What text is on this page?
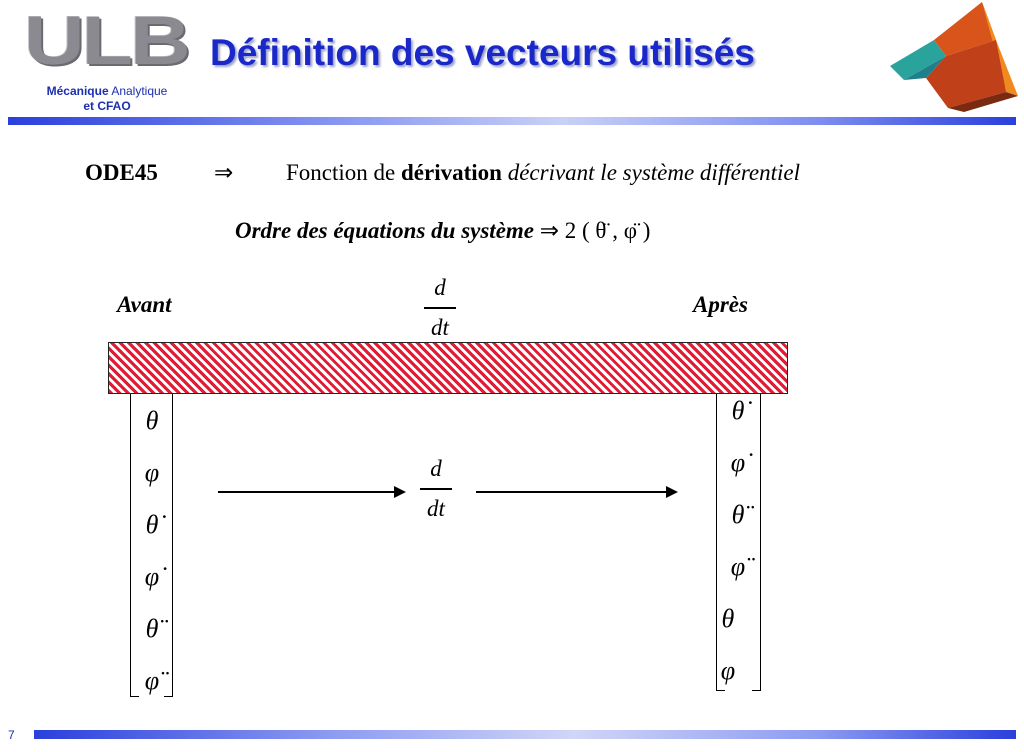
ULB
Mécanique Analytique
et CFAO
Définition des vecteurs utilisés
ODE45 ⇒ Fonction de dérivation décrivant le système différentiel
Ordre des équations du système ⇒ 2 ( θ̈ , φ̈ )
Avant	Après
d
dt
θ
φ
θ̇
φ̇
θ̈
φ̈
θ̇
φ̇
θ̈
φ̈
θ⃛
φ⃛
d
dt
7
